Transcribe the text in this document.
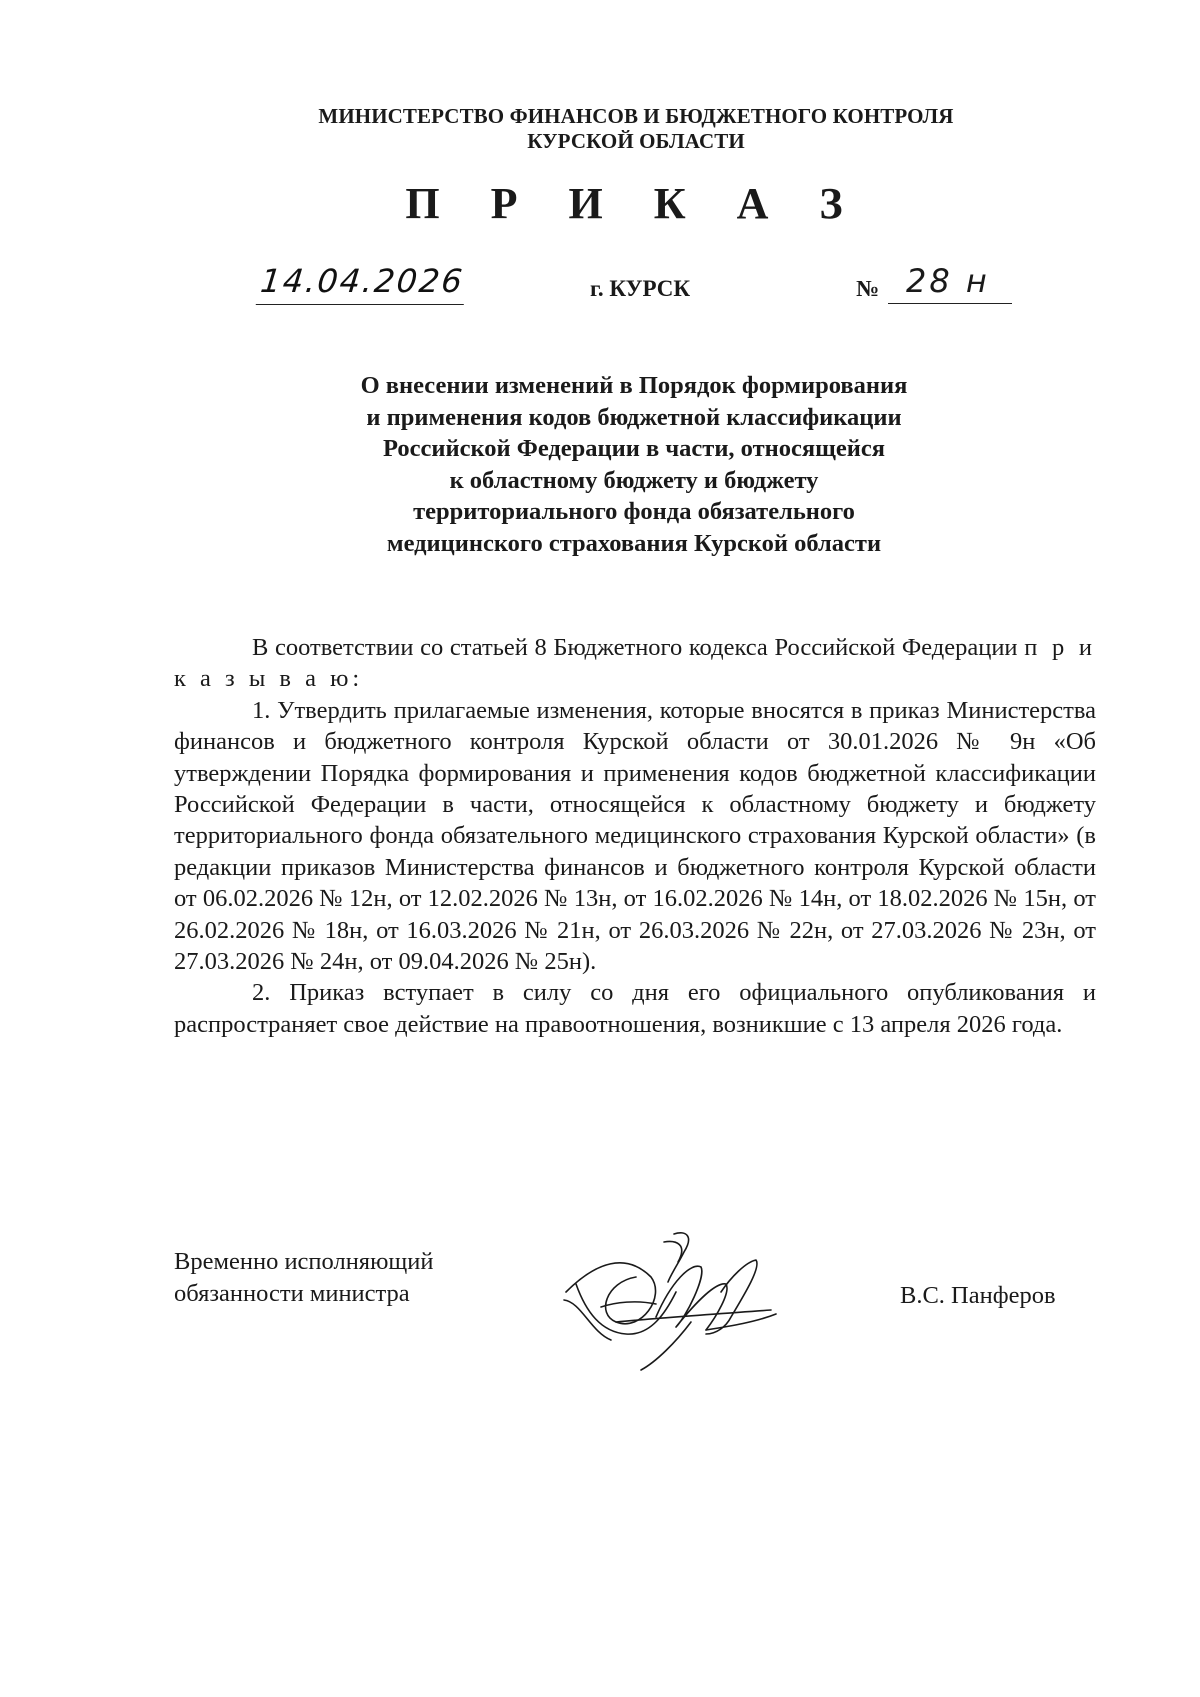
МИНИСТЕРСТВО ФИНАНСОВ И БЮДЖЕТНОГО КОНТРОЛЯ
КУРСКОЙ ОБЛАСТИ
П Р И К А З
14.04.2026	г. КУРСК	№ 28 н
О внесении изменений в Порядок формирования
и применения кодов бюджетной классификации
Российской Федерации в части, относящейся
к областному бюджету и бюджету
территориального фонда обязательного
медицинского страхования Курской области

В соответствии со статьей 8 Бюджетного кодекса Российской Федерации п р и к а з ы в а ю:

1. Утвердить прилагаемые изменения, которые вносятся в приказ Министерства финансов и бюджетного контроля Курской области от 30.01.2026 № 9н «Об утверждении Порядка формирования и применения кодов бюджетной классификации Российской Федерации в части, относящейся к областному бюджету и бюджету территориального фонда обязательного медицинского страхования Курской области» (в редакции приказов Министерства финансов и бюджетного контроля Курской области от 06.02.2026 № 12н, от 12.02.2026 № 13н, от 16.02.2026 № 14н, от 18.02.2026 № 15н, от 26.02.2026 № 18н, от 16.03.2026 № 21н, от 26.03.2026 № 22н, от 27.03.2026 № 23н, от 27.03.2026 № 24н, от 09.04.2026 № 25н).

2. Приказ вступает в силу со дня его официального опубликования и распространяет свое действие на правоотношения, возникшие с 13 апреля 2026 года.

Временно исполняющий
обязанности министра	В.С. Панферов
